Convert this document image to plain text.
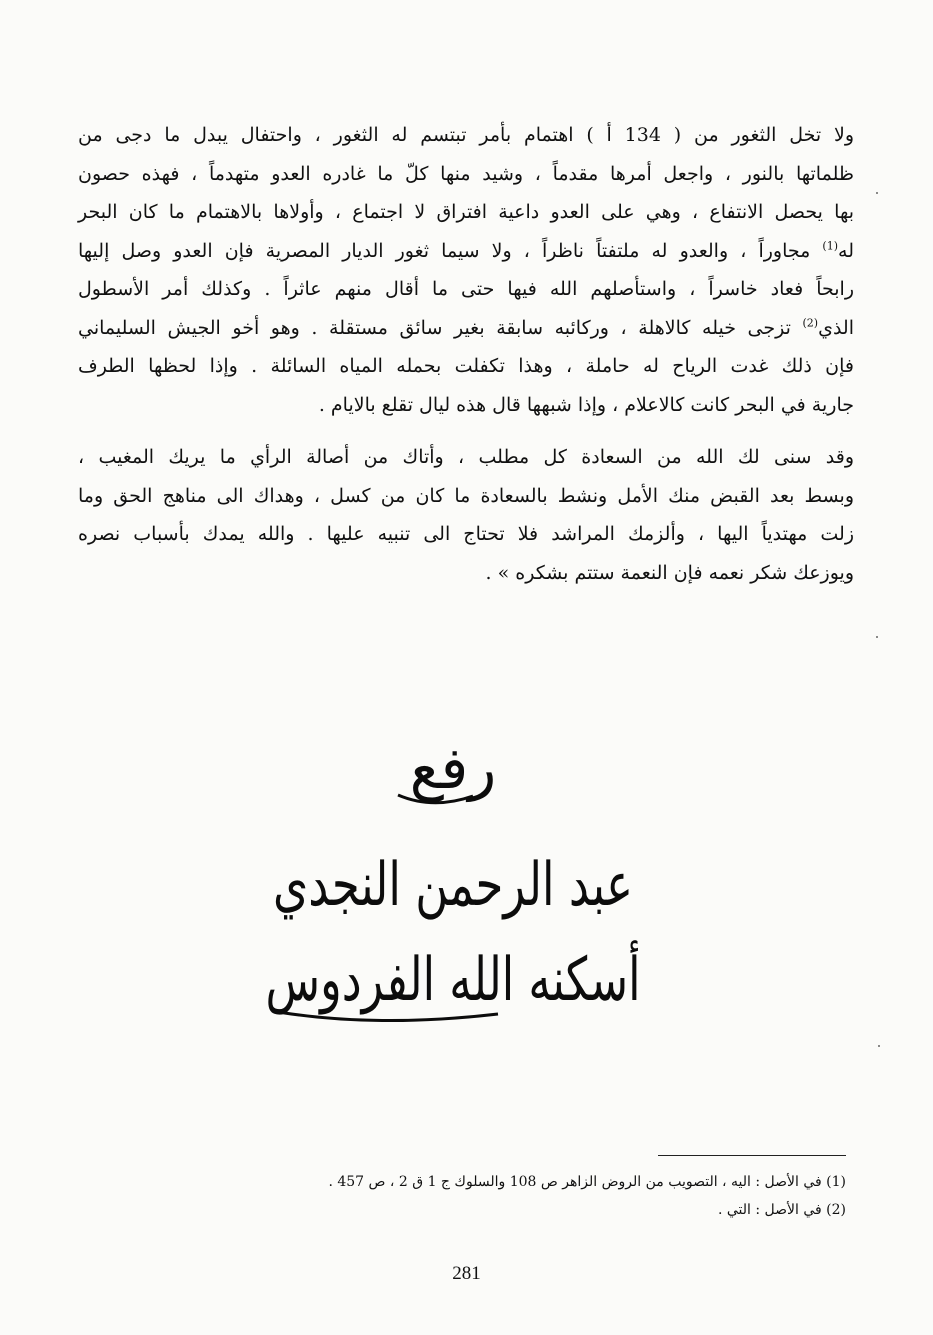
ولا تخل الثغور من ( 134 أ ) اهتمام بأمر تبتسم له الثغور ، واحتفال يبدل ما دجى من
ظلماتها بالنور ، واجعل أمرها مقدماً ، وشيد منها كلّ ما غادره العدو متهدماً ، فهذه حصون
بها يحصل الانتفاع ، وهي على العدو داعية افتراق لا اجتماع ، وأولاها بالاهتمام ما كان البحر
له$^{(1)}$ مجاوراً ، والعدو له ملتفتاً ناظراً ، ولا سيما ثغور الديار المصرية فإن العدو وصل إليها
رابحاً فعاد خاسراً ، واستأصلهم الله فيها حتى ما أقال منهم عاثراً . وكذلك أمر الأسطول
الذي$^{(2)}$ تزجى خيله كالاهلة ، وركائبه سابقة بغير سائق مستقلة . وهو أخو الجيش السليماني
فإن ذلك غدت الرياح له حاملة ، وهذا تكفلت بحمله المياه السائلة . وإذا لحظها الطرف
جارية في البحر كانت كالاعلام ، وإذا شبهها قال هذه ليال تقلع بالايام .

وقد سنى لك الله من السعادة كل مطلب ، وأتاك من أصالة الرأي ما يريك المغيب ،
وبسط بعد القبض منك الأمل ونشط بالسعادة ما كان من كسل ، وهداك الى مناهج الحق وما
زلت مهتدياً اليها ، وألزمك المراشد فلا تحتاج الى تنبيه عليها . والله يمدك بأسباب نصره
ويوزعك شكر نعمه فإن النعمة ستتم بشكره » .

رفع
عبد الرحمن النجدي
أسكنه الله الفردوس
(1) في الأصل : اليه ، التصويب من الروض الزاهر ص 108 والسلوك ج 1 ق 2 ، ص 457 .
(2) في الأصل : التي .
281
